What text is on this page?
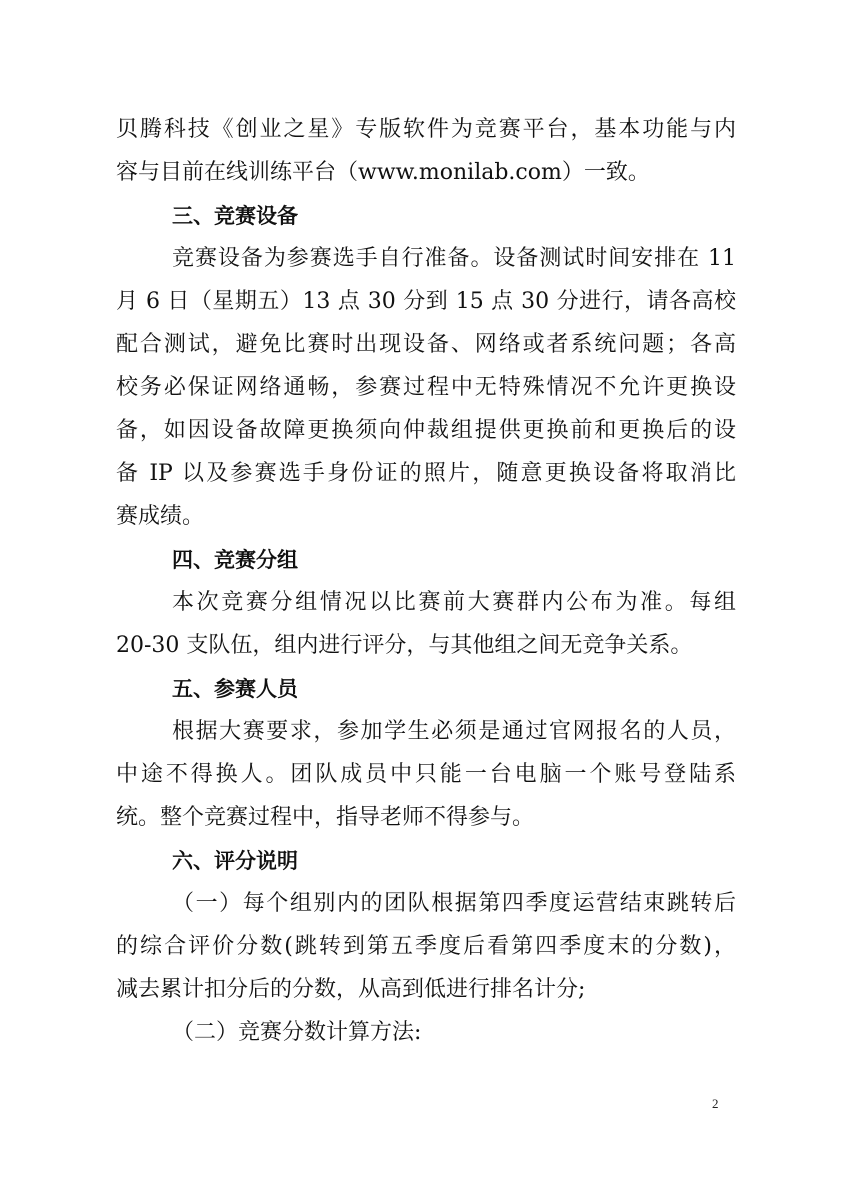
贝腾科技《创业之星》专版软件为竞赛平台，基本功能与内
容与目前在线训练平台（www.monilab.com）一致。
三、竞赛设备
竞赛设备为参赛选手自行准备。设备测试时间安排在 11
月 6 日（星期五）13 点 30 分到 15 点 30 分进行，请各高校
配合测试，避免比赛时出现设备、网络或者系统问题；各高
校务必保证网络通畅，参赛过程中无特殊情况不允许更换设
备，如因设备故障更换须向仲裁组提供更换前和更换后的设
备 IP 以及参赛选手身份证的照片，随意更换设备将取消比
赛成绩。
四、竞赛分组
本次竞赛分组情况以比赛前大赛群内公布为准。每组
20-30 支队伍，组内进行评分，与其他组之间无竞争关系。
五、参赛人员
根据大赛要求，参加学生必须是通过官网报名的人员，
中途不得换人。团队成员中只能一台电脑一个账号登陆系
统。整个竞赛过程中，指导老师不得参与。
六、评分说明
（一）每个组别内的团队根据第四季度运营结束跳转后
的综合评价分数(跳转到第五季度后看第四季度末的分数)，
减去累计扣分后的分数，从高到低进行排名计分;
（二）竞赛分数计算方法:
2
